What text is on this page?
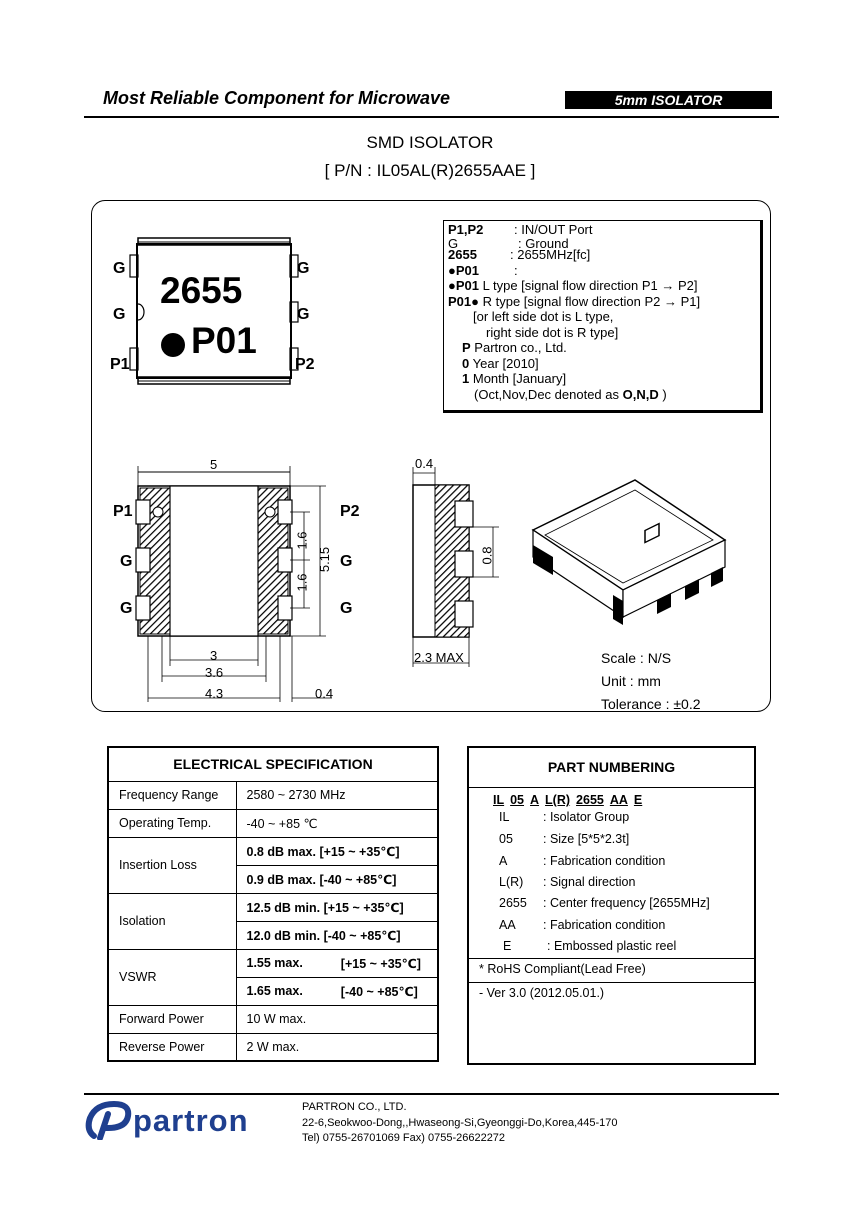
Most Reliable Component for Microwave	5mm ISOLATOR
SMD ISOLATOR
[ P/N : IL05AL(R)2655AAE ]
2655
P01
G
G
P1
G
G
P2
P1,P2 : IN/OUT Port
G	: Ground
2655	: 2655MHz[fc]
●P01	:
●P01 L type [signal flow direction P1 → P2]
P01● R type [signal flow direction P2 → P1]
[or left side dot is L type,
right side dot is R type]
P Partron co., Ltd.
0 Year [2010]
1 Month [January]
(Oct,Nov,Dec denoted as O,N,D )
P1
G
G
P2
G
G
5
1.6
1.6
5.15
3
3.6
4.3	0.4
0.4
0.8
2.3 MAX	Scale : N/S
Unit : mm
Tolerance : ±0.2
ELECTRICAL SPECIFICATION	
Frequency Range	2580 ~ 2730 MHz
Operating Temp.	-40 ~ +85 ℃
Insertion Loss	0.8 dB max. [+15 ~ +35℃]
	0.9 dB max. [-40 ~ +85℃]
Isolation	12.5 dB min. [+15 ~ +35℃]
	12.0 dB min. [-40 ~ +85℃]
VSWR	1.55 max. [+15 ~ +35℃]

	1.65 max. [-40 ~ +85℃]

Forward Power	10 W max.
Reverse Power	2 W max.
PART NUMBERING
IL 05 A L(R) 2655 AA E
IL	: Isolator Group
05 : Size [5*5*2.3t]
A	: Fabrication condition
L(R) : Signal direction
2655 : Center frequency [2655MHz]
AA : Fabrication condition
E	: Embossed plastic reel
* RoHS Compliant(Lead Free)
- Ver 3.0 (2012.05.01.)
partron	PARTRON CO., LTD.
22-6,Seokwoo-Dong,,Hwaseong-Si,Gyeonggi-Do,Korea,445-170
Tel) 0755-26701069 Fax) 0755-26622272
